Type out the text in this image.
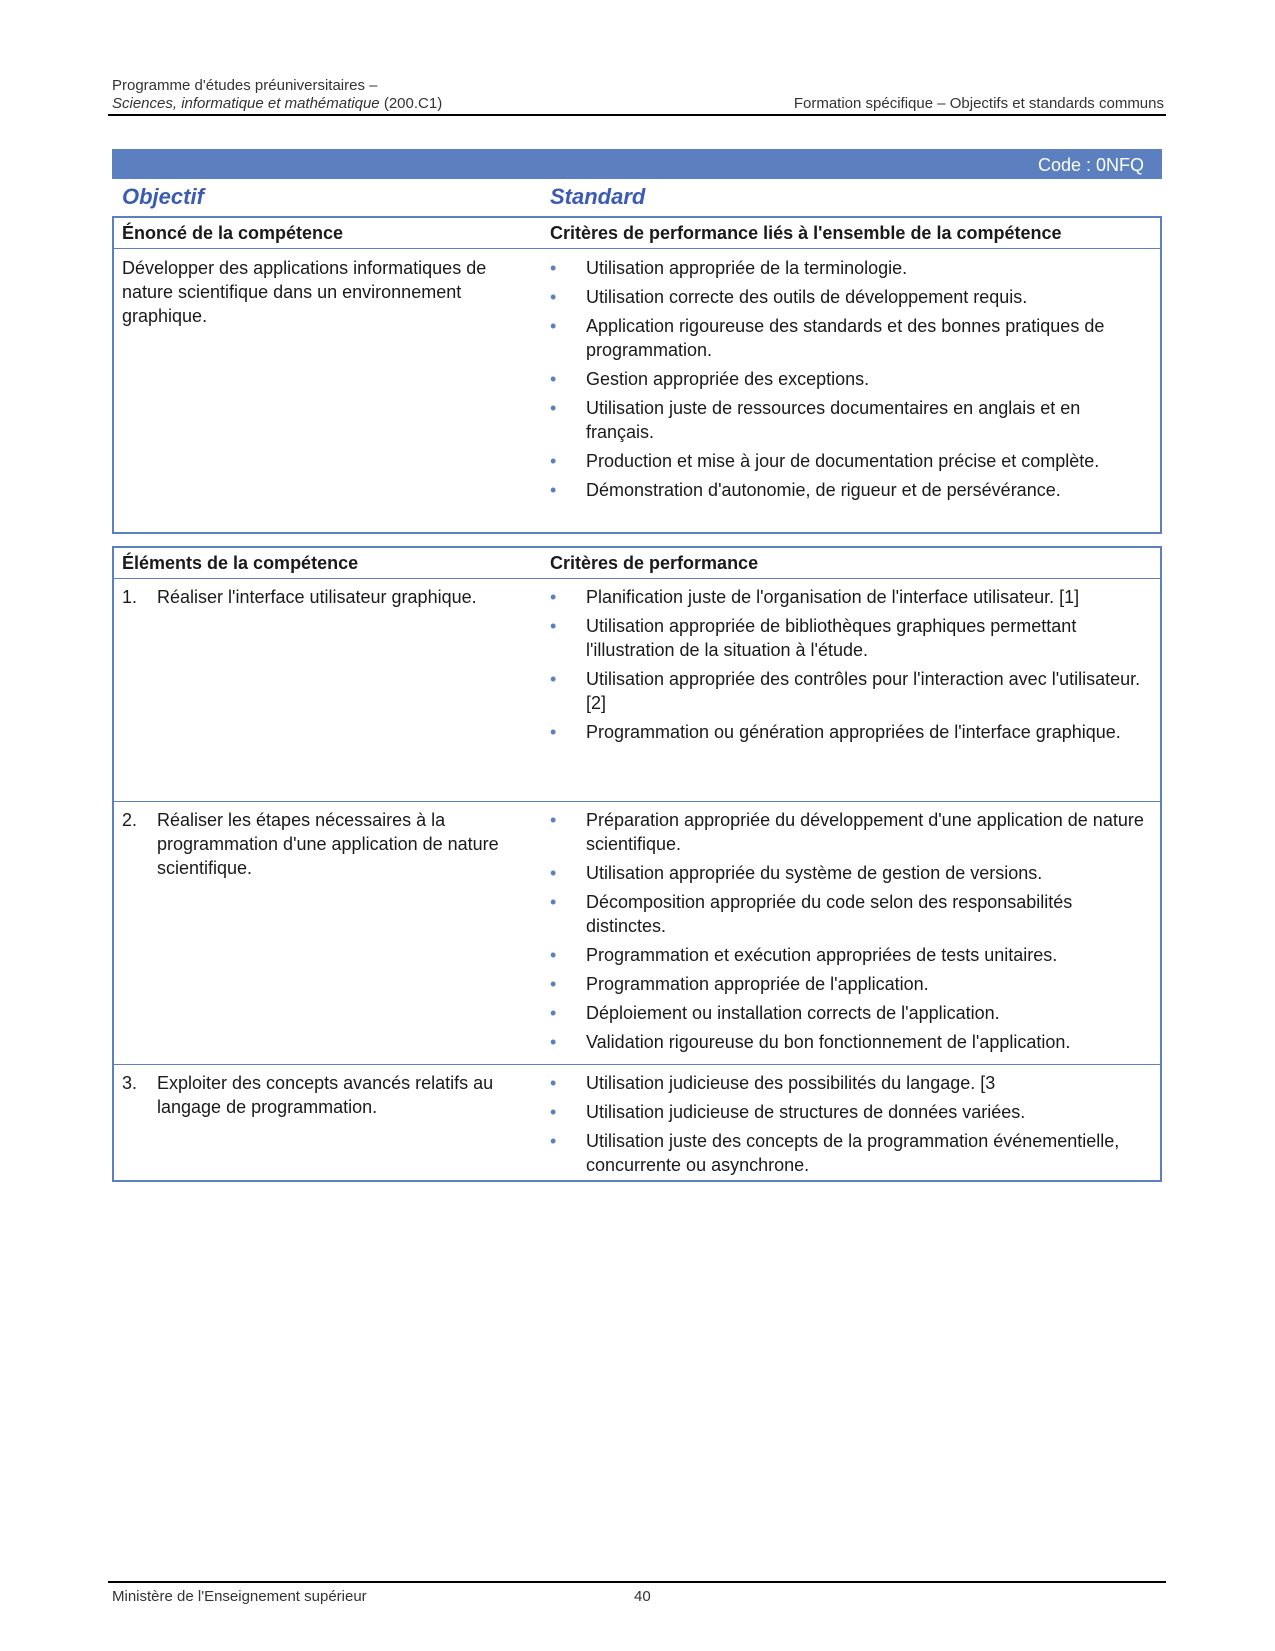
Programme d'études préuniversitaires –
Sciences, informatique et mathématique (200.C1)	Formation spécifique – Objectifs et standards communs
Code : 0NFQ
Objectif	Standard
Énoncé de la compétence	Critères de performance liés à l'ensemble de la compétence
Développer des applications informatiques de nature scientifique dans un environnement graphique.
• Utilisation appropriée de la terminologie.
• Utilisation correcte des outils de développement requis.
• Application rigoureuse des standards et des bonnes pratiques de programmation.
• Gestion appropriée des exceptions.
• Utilisation juste de ressources documentaires en anglais et en français.
• Production et mise à jour de documentation précise et complète.
• Démonstration d'autonomie, de rigueur et de persévérance.
Éléments de la compétence	Critères de performance
1. Réaliser l'interface utilisateur graphique.	• Planification juste de l'organisation de l'interface utilisateur. [1]
• Utilisation appropriée de bibliothèques graphiques permettant l'illustration de la situation à l'étude.
• Utilisation appropriée des contrôles pour l'interaction avec l'utilisateur. [2]
• Programmation ou génération appropriées de l'interface graphique.
2. Réaliser les étapes nécessaires à la programmation d'une application de nature scientifique.
• Préparation appropriée du développement d'une application de nature scientifique.
• Utilisation appropriée du système de gestion de versions.
• Décomposition appropriée du code selon des responsabilités distinctes.
• Programmation et exécution appropriées de tests unitaires.
• Programmation appropriée de l'application.
• Déploiement ou installation corrects de l'application.
• Validation rigoureuse du bon fonctionnement de l'application.
3. Exploiter des concepts avancés relatifs au langage de programmation.
• Utilisation judicieuse des possibilités du langage. [3
• Utilisation judicieuse de structures de données variées.
• Utilisation juste des concepts de la programmation événementielle, concurrente ou asynchrone.
Ministère de l'Enseignement supérieur	40
